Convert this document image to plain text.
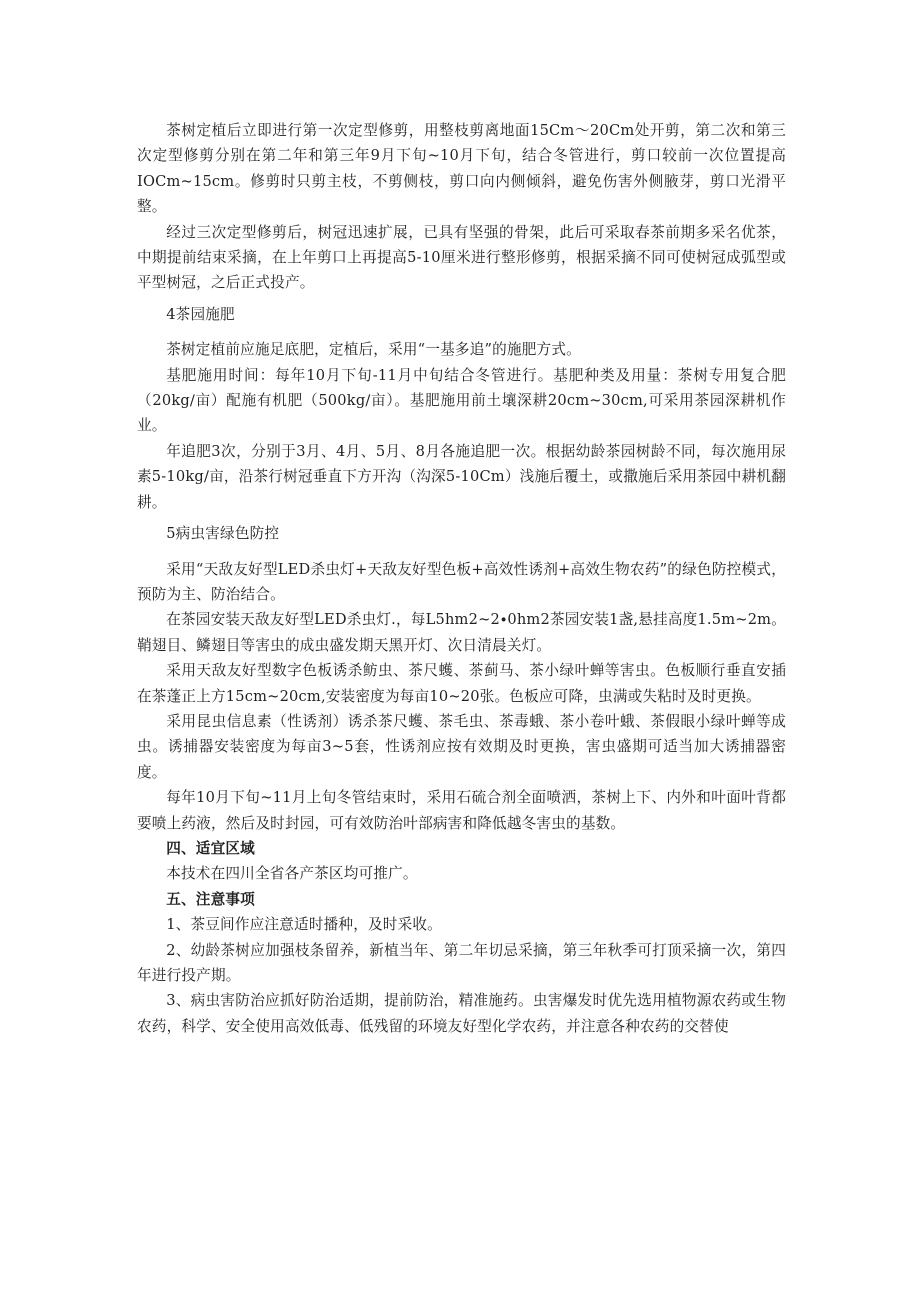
茶树定植后立即进行第一次定型修剪，用整枝剪离地面15Cm～20Cm处开剪，第二次和第三次定型修剪分别在第二年和第三年9月下旬~10月下旬，结合冬管进行，剪口较前一次位置提高IOCm~15cm。修剪时只剪主枝，不剪侧枝，剪口向内侧倾斜，避免伤害外侧腋芽，剪口光滑平整。

经过三次定型修剪后，树冠迅速扩展，已具有坚强的骨架，此后可采取春茶前期多采名优茶，中期提前结束采摘，在上年剪口上再提高5-10厘米进行整形修剪，根据采摘不同可使树冠成弧型或平型树冠，之后正式投产。

4茶园施肥

茶树定植前应施足底肥，定植后，采用“一基多追”的施肥方式。

基肥施用时间：每年10月下旬-11月中旬结合冬管进行。基肥种类及用量：茶树专用复合肥（20kg∕亩）配施有机肥（500kg∕亩）。基肥施用前土壤深耕20cm~30cm,可采用茶园深耕机作业。

年追肥3次，分别于3月、4月、5月、8月各施追肥一次。根据幼龄茶园树龄不同，每次施用尿素5-10kg∕亩，沿茶行树冠垂直下方开沟（沟深5-10Cm）浅施后覆土，或撒施后采用茶园中耕机翻耕。

5病虫害绿色防控

采用“天敌友好型LED杀虫灯+天敌友好型色板+高效性诱剂+高效生物农药”的绿色防控模式，预防为主、防治结合。

在茶园安装天敌友好型LED杀虫灯.，每L5hm2~2∙0hm2茶园安装1盏,悬挂高度1.5m~2m。鞘翅目、鳞翅目等害虫的成虫盛发期天黑开灯、次日清晨关灯。

采用天敌友好型数字色板诱杀鲂虫、茶尺蠖、茶蓟马、茶小绿叶蝉等害虫。色板顺行垂直安插在茶蓬正上方15cm~20cm,安装密度为每亩10~20张。色板应可降，虫满或失粘时及时更换。

采用昆虫信息素（性诱剂）诱杀茶尺蠖、茶毛虫、茶毒蛾、茶小卷叶蛾、茶假眼小绿叶蝉等成虫。诱捕器安装密度为每亩3~5套，性诱剂应按有效期及时更换，害虫盛期可适当加大诱捕器密度。

每年10月下旬~11月上旬冬管结束时，采用石硫合剂全面喷洒，茶树上下、内外和叶面叶背都要喷上药液，然后及时封园，可有效防治叶部病害和降低越冬害虫的基数。

四、适宜区域

本技术在四川全省各产茶区均可推广。

五、注意事项

1、茶豆间作应注意适时播种，及时采收。

2、幼龄茶树应加强枝条留养，新植当年、第二年切忌采摘，第三年秋季可打顶采摘一次，第四年进行投产期。

3、病虫害防治应抓好防治适期，提前防治，精准施药。虫害爆发时优先选用植物源农药或生物农药，科学、安全使用高效低毒、低残留的环境友好型化学农药，并注意各种农药的交替使
